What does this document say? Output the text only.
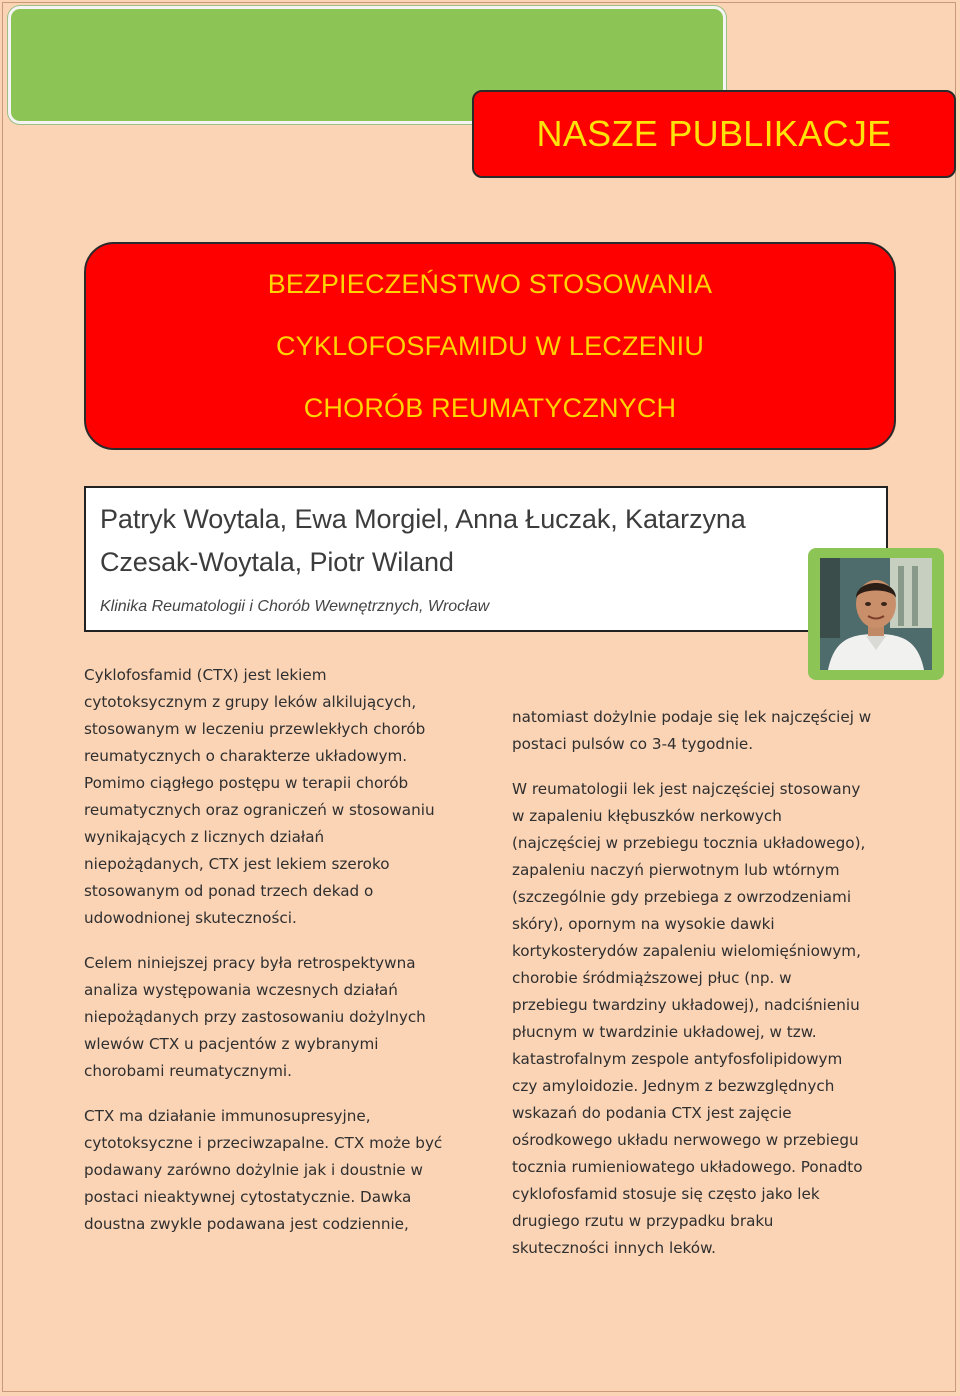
NASZE PUBLIKACJE
BEZPIECZEŃSTWO STOSOWANIA
CYKLOFOSFAMIDU W LECZENIU
CHORÓB REUMATYCZNYCH
Patryk Woytala, Ewa Morgiel, Anna Łuczak, Katarzyna
Czesak-Woytala, Piotr Wiland
Klinika Reumatologii i Chorób Wewnętrznych, Wrocław

Cyklofosfamid (CTX) jest lekiem
cytotoksycznym z grupy leków alkilujących,
stosowanym w leczeniu przewlekłych chorób
reumatycznych o charakterze układowym.
Pomimo ciągłego postępu w terapii chorób
reumatycznych oraz ograniczeń w stosowaniu
wynikających z licznych działań
niepożądanych, CTX jest lekiem szeroko
stosowanym od ponad trzech dekad o
udowodnionej skuteczności.

Celem niniejszej pracy była retrospektywna
analiza występowania wczesnych działań
niepożądanych przy zastosowaniu dożylnych
wlewów CTX u pacjentów z wybranymi
chorobami reumatycznymi.

CTX ma działanie immunosupresyjne,
cytotoksyczne i przeciwzapalne. CTX może być
podawany zarówno dożylnie jak i doustnie w
postaci nieaktywnej cytostatycznie. Dawka
doustna zwykle podawana jest codziennie,

natomiast dożylnie podaje się lek najczęściej w
postaci pulsów co 3-4 tygodnie.

W reumatologii lek jest najczęściej stosowany
w zapaleniu kłębuszków nerkowych
(najczęściej w przebiegu tocznia układowego),
zapaleniu naczyń pierwotnym lub wtórnym
(szczególnie gdy przebiega z owrzodzeniami
skóry), opornym na wysokie dawki
kortykosterydów zapaleniu wielomięśniowym,
chorobie śródmiąższowej płuc (np. w
przebiegu twardziny układowej), nadciśnieniu
płucnym w twardzinie układowej, w tzw.
katastrofalnym zespole antyfosfolipidowym
czy amyloidozie. Jednym z bezwzględnych
wskazań do podania CTX jest zajęcie
ośrodkowego układu nerwowego w przebiegu
tocznia rumieniowatego układowego. Ponadto
cyklofosfamid stosuje się często jako lek
drugiego rzutu w przypadku braku
skuteczności innych leków.
